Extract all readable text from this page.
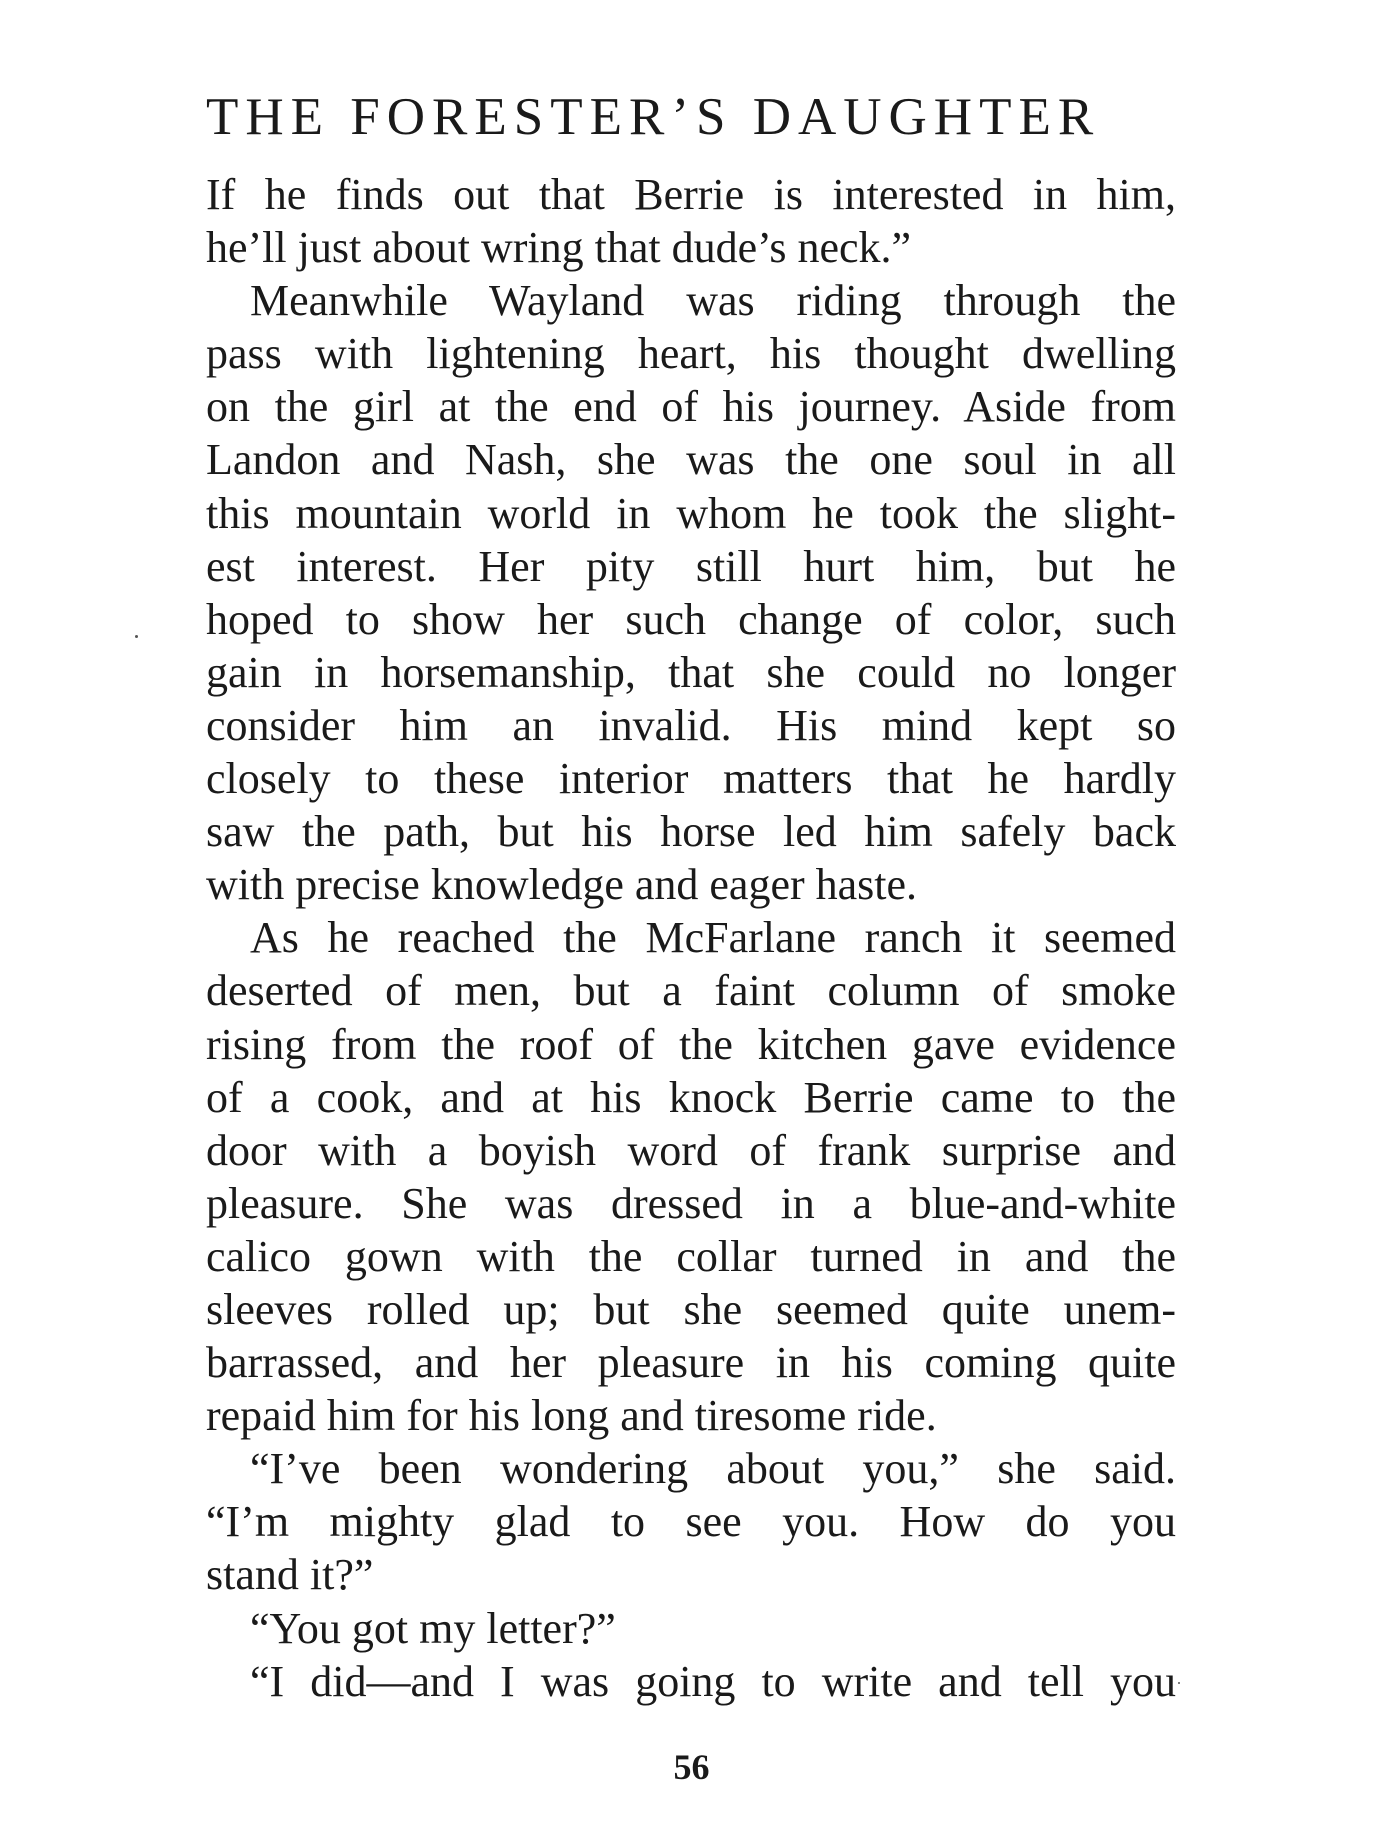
THE FORESTER’S DAUGHTER
If he finds out that Berrie is interested in him,
he’ll just about wring that dude’s neck.”
Meanwhile Wayland was riding through the
pass with lightening heart, his thought dwelling
on the girl at the end of his journey. Aside from
Landon and Nash, she was the one soul in all
this mountain world in whom he took the slight-
est interest. Her pity still hurt him, but he
hoped to show her such change of color, such
gain in horsemanship, that she could no longer
consider him an invalid. His mind kept so
closely to these interior matters that he hardly
saw the path, but his horse led him safely back
with precise knowledge and eager haste.
As he reached the McFarlane ranch it seemed
deserted of men, but a faint column of smoke
rising from the roof of the kitchen gave evidence
of a cook, and at his knock Berrie came to the
door with a boyish word of frank surprise and
pleasure. She was dressed in a blue-and-white
calico gown with the collar turned in and the
sleeves rolled up; but she seemed quite unem-
barrassed, and her pleasure in his coming quite
repaid him for his long and tiresome ride.
“I’ve been wondering about you,” she said.
“I’m mighty glad to see you. How do you
stand it?”
“You got my letter?”
“I did—and I was going to write and tell you
56
